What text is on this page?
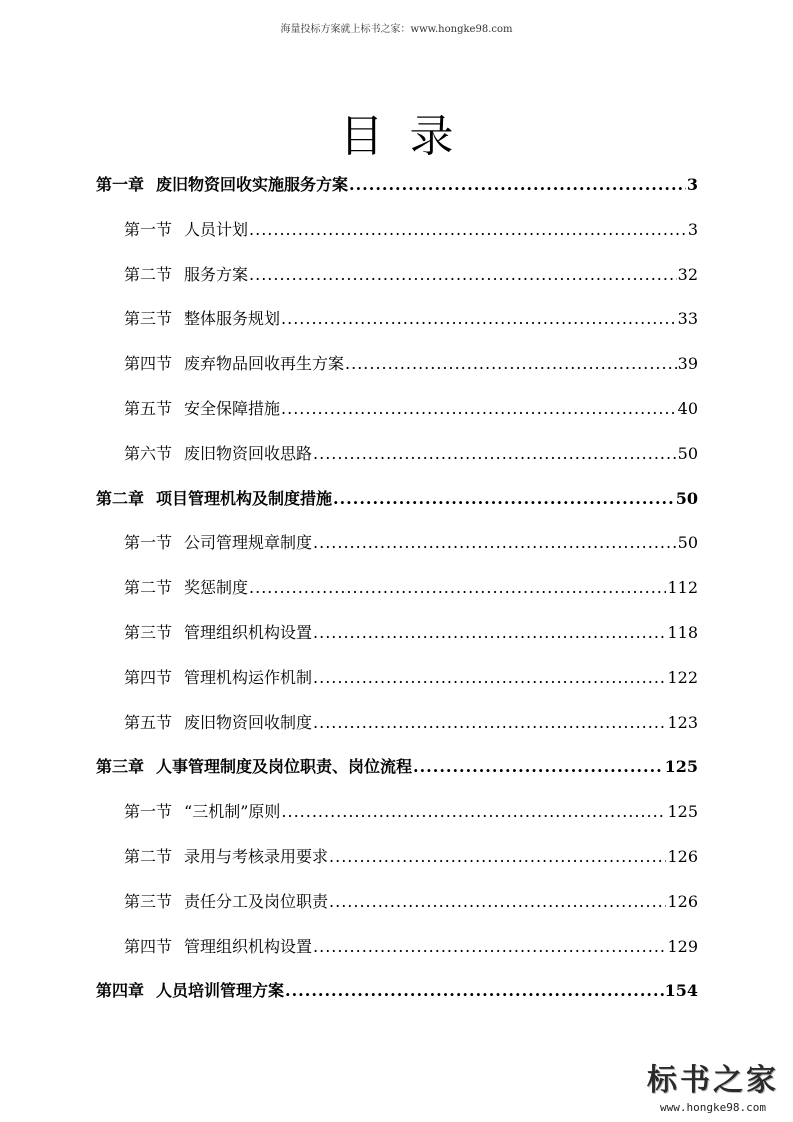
海量投标方案就上标书之家：www.hongke98.com
目录
第一章 废旧物资回收实施服务方案 .....	3
第一节 人员计划 .....	3
第二节 服务方案 .....	32
第三节 整体服务规划 .....	33
第四节 废弃物品回收再生方案 .....	39
第五节 安全保障措施 .....	40
第六节 废旧物资回收思路 .....	50
第二章 项目管理机构及制度措施 .....	50
第一节 公司管理规章制度 .....	50
第二节 奖惩制度 .....	112
第三节 管理组织机构设置 .....	118
第四节 管理机构运作机制 .....	122
第五节 废旧物资回收制度 .....	123
第三章 人事管理制度及岗位职责、岗位流程 .....	125
第一节 “三机制”原则 .....	125
第二节 录用与考核录用要求 .....	126
第三节 责任分工及岗位职责 .....	126
第四节 管理组织机构设置 .....	129
第四章 人员培训管理方案 .....	154
标书之家
www.hongke98.com
